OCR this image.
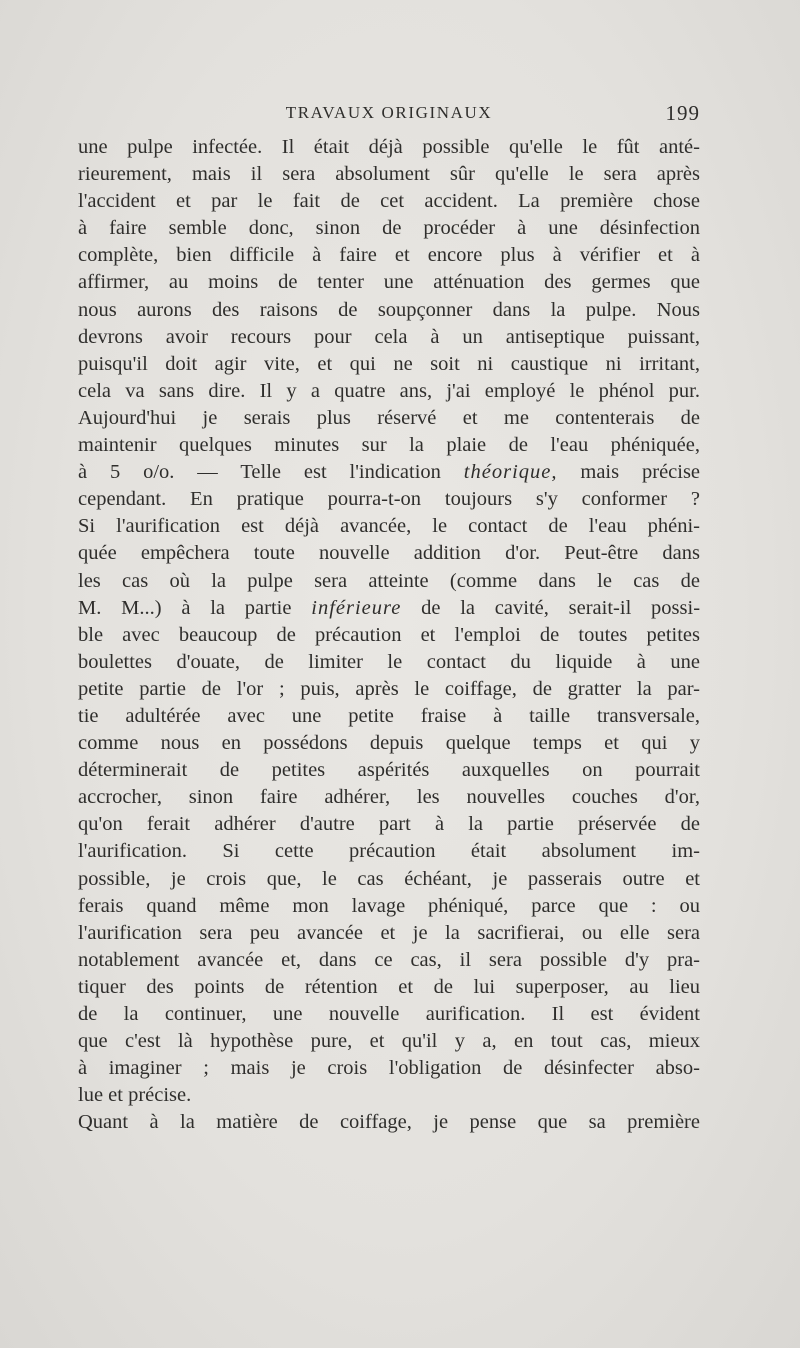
TRAVAUX ORIGINAUX	199
une pulpe infectée. Il était déjà possible qu'elle le fût anté-
rieurement, mais il sera absolument sûr qu'elle le sera après
l'accident et par le fait de cet accident. La première chose
à faire semble donc, sinon de procéder à une désinfection
complète, bien difficile à faire et encore plus à vérifier et à
affirmer, au moins de tenter une atténuation des germes que
nous aurons des raisons de soupçonner dans la pulpe. Nous
devrons avoir recours pour cela à un antiseptique puissant,
puisqu'il doit agir vite, et qui ne soit ni caustique ni irritant,
cela va sans dire. Il y a quatre ans, j'ai employé le phénol pur.
Aujourd'hui je serais plus réservé et me contenterais de
maintenir quelques minutes sur la plaie de l'eau phéniquée,
à 5 o/o. — Telle est l'indication théorique, mais précise
cependant. En pratique pourra-t-on toujours s'y conformer ?
Si l'aurification est déjà avancée, le contact de l'eau phéni-
quée empêchera toute nouvelle addition d'or. Peut-être dans
les cas où la pulpe sera atteinte (comme dans le cas de
M. M...) à la partie inférieure de la cavité, serait-il possi-
ble avec beaucoup de précaution et l'emploi de toutes petites
boulettes d'ouate, de limiter le contact du liquide à une
petite partie de l'or ; puis, après le coiffage, de gratter la par-
tie adultérée avec une petite fraise à taille transversale,
comme nous en possédons depuis quelque temps et qui y
déterminerait de petites aspérités auxquelles on pourrait
accrocher, sinon faire adhérer, les nouvelles couches d'or,
qu'on ferait adhérer d'autre part à la partie préservée de
l'aurification. Si cette précaution était absolument im-
possible, je crois que, le cas échéant, je passerais outre et
ferais quand même mon lavage phéniqué, parce que : ou
l'aurification sera peu avancée et je la sacrifierai, ou elle sera
notablement avancée et, dans ce cas, il sera possible d'y pra-
tiquer des points de rétention et de lui superposer, au lieu
de la continuer, une nouvelle aurification. Il est évident
que c'est là hypothèse pure, et qu'il y a, en tout cas, mieux
à imaginer ; mais je crois l'obligation de désinfecter abso-
lue et précise.
Quant à la matière de coiffage, je pense que sa première
